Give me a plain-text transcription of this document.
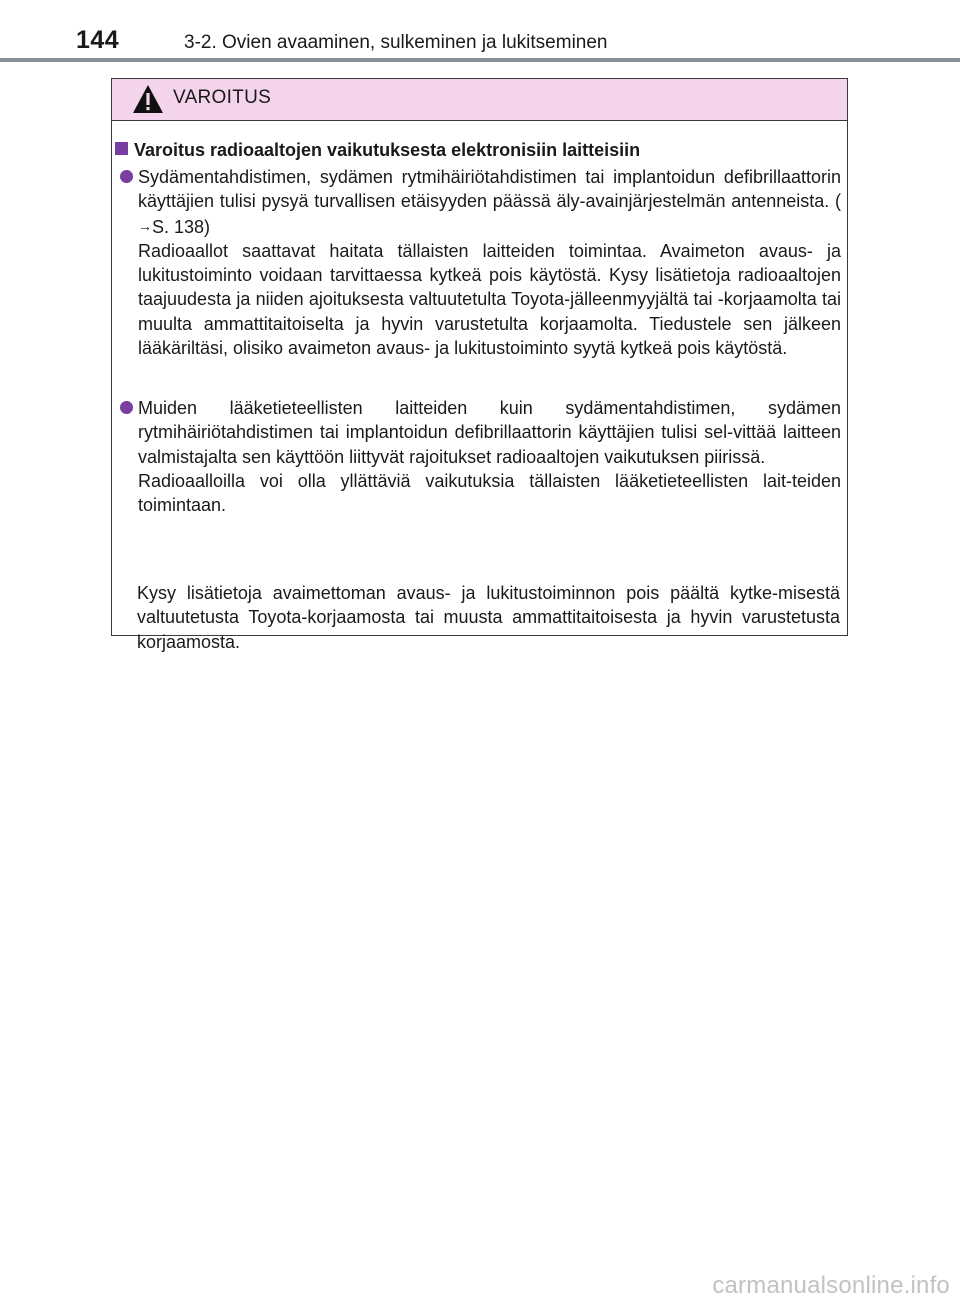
144	3-2. Ovien avaaminen, sulkeminen ja lukitseminen
VAROITUS
Varoitus radioaaltojen vaikutuksesta elektronisiin laitteisiin

Sydämentahdistimen, sydämen rytmihäiriötahdistimen tai implantoidun defibrillaattorin käyttäjien tulisi pysyä turvallisen etäisyyden päässä äly-avainjärjestelmän antenneista. (→S. 138)

Radioaallot saattavat haitata tällaisten laitteiden toimintaa. Avaimeton avaus- ja lukitustoiminto voidaan tarvittaessa kytkeä pois käytöstä. Kysy lisätietoja radioaaltojen taajuudesta ja niiden ajoituksesta valtuutetulta Toyota-jälleenmyyjältä tai -korjaamolta tai muulta ammattitaitoiselta ja hyvin varustetulta korjaamolta. Tiedustele sen jälkeen lääkäriltäsi, olisiko avaimeton avaus- ja lukitustoiminto syytä kytkeä pois käytöstä.

Muiden lääketieteellisten laitteiden kuin sydämentahdistimen, sydämen rytmihäiriötahdistimen tai implantoidun defibrillaattorin käyttäjien tulisi sel-vittää laitteen valmistajalta sen käyttöön liittyvät rajoitukset radioaaltojen vaikutuksen piirissä.

Radioaalloilla voi olla yllättäviä vaikutuksia tällaisten lääketieteellisten lait-teiden toimintaan.

Kysy lisätietoja avaimettoman avaus- ja lukitustoiminnon pois päältä kytke-misestä valtuutetusta Toyota-korjaamosta tai muusta ammattitaitoisesta ja hyvin varustetusta korjaamosta.
carmanualsonline.info
